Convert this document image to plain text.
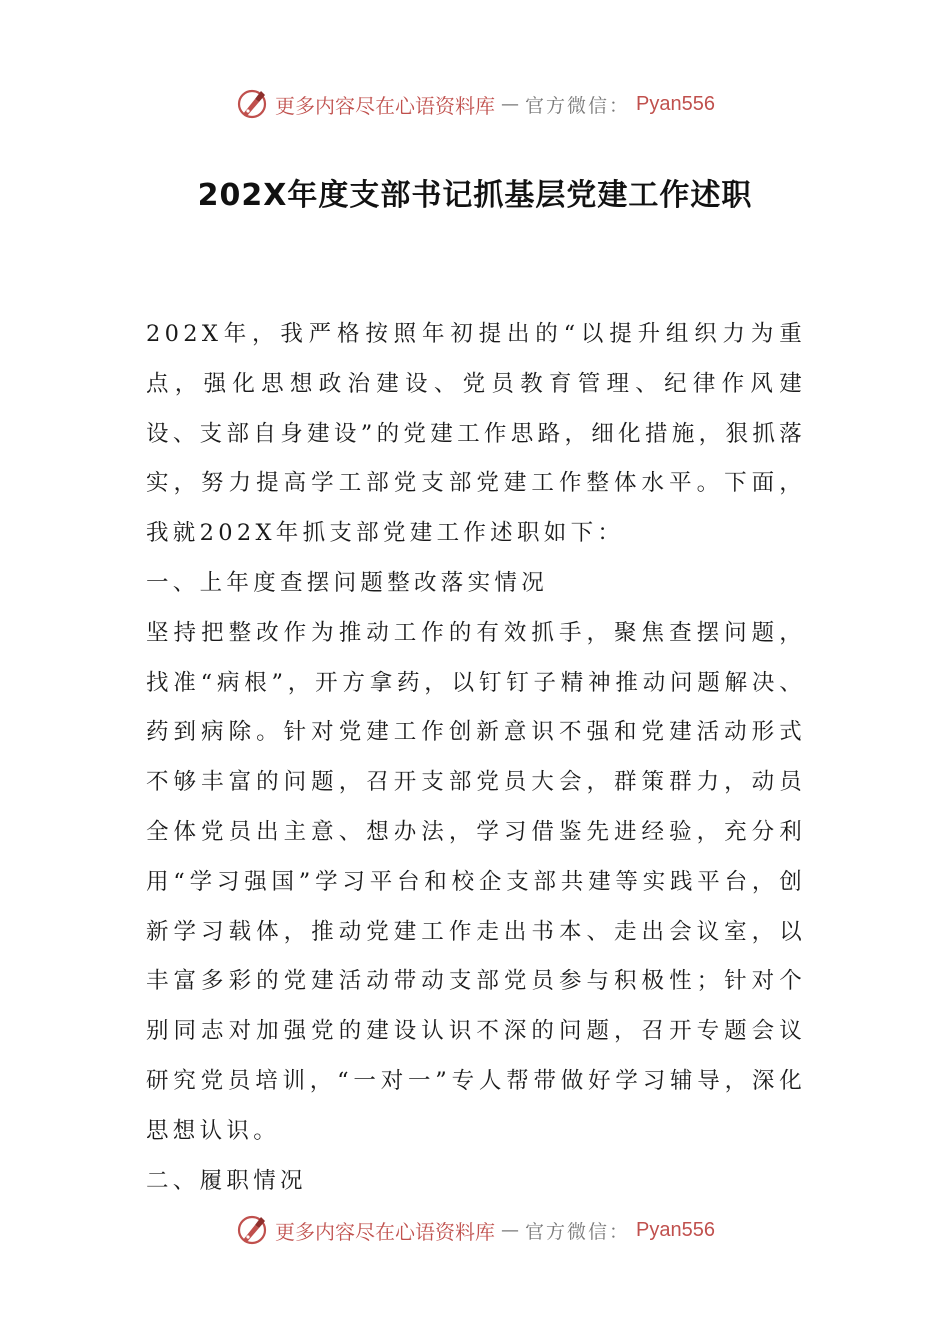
更多内容尽在心语资料库 — 官方微信： Pyan556
202X年度支部书记抓基层党建工作述职

202X年，我严格按照年初提出的“以提升组织力为重点，强化思想政治建设、党员教育管理、纪律作风建设、支部自身建设”的党建工作思路，细化措施，狠抓落实，努力提高学工部党支部党建工作整体水平。下面，我就202X年抓支部党建工作述职如下：

一、上年度查摆问题整改落实情况

坚持把整改作为推动工作的有效抓手，聚焦查摆问题，找准“病根”，开方拿药，以钉钉子精神推动问题解决、药到病除。针对党建工作创新意识不强和党建活动形式不够丰富的问题，召开支部党员大会，群策群力，动员全体党员出主意、想办法，学习借鉴先进经验，充分利用“学习强国”学习平台和校企支部共建等实践平台，创新学习载体，推动党建工作走出书本、走出会议室，以丰富多彩的党建活动带动支部党员参与积极性；针对个别同志对加强党的建设认识不深的问题，召开专题会议研究党员培训，“一对一”专人帮带做好学习辅导，深化思想认识。

二、履职情况

更多内容尽在心语资料库 — 官方微信： Pyan556
